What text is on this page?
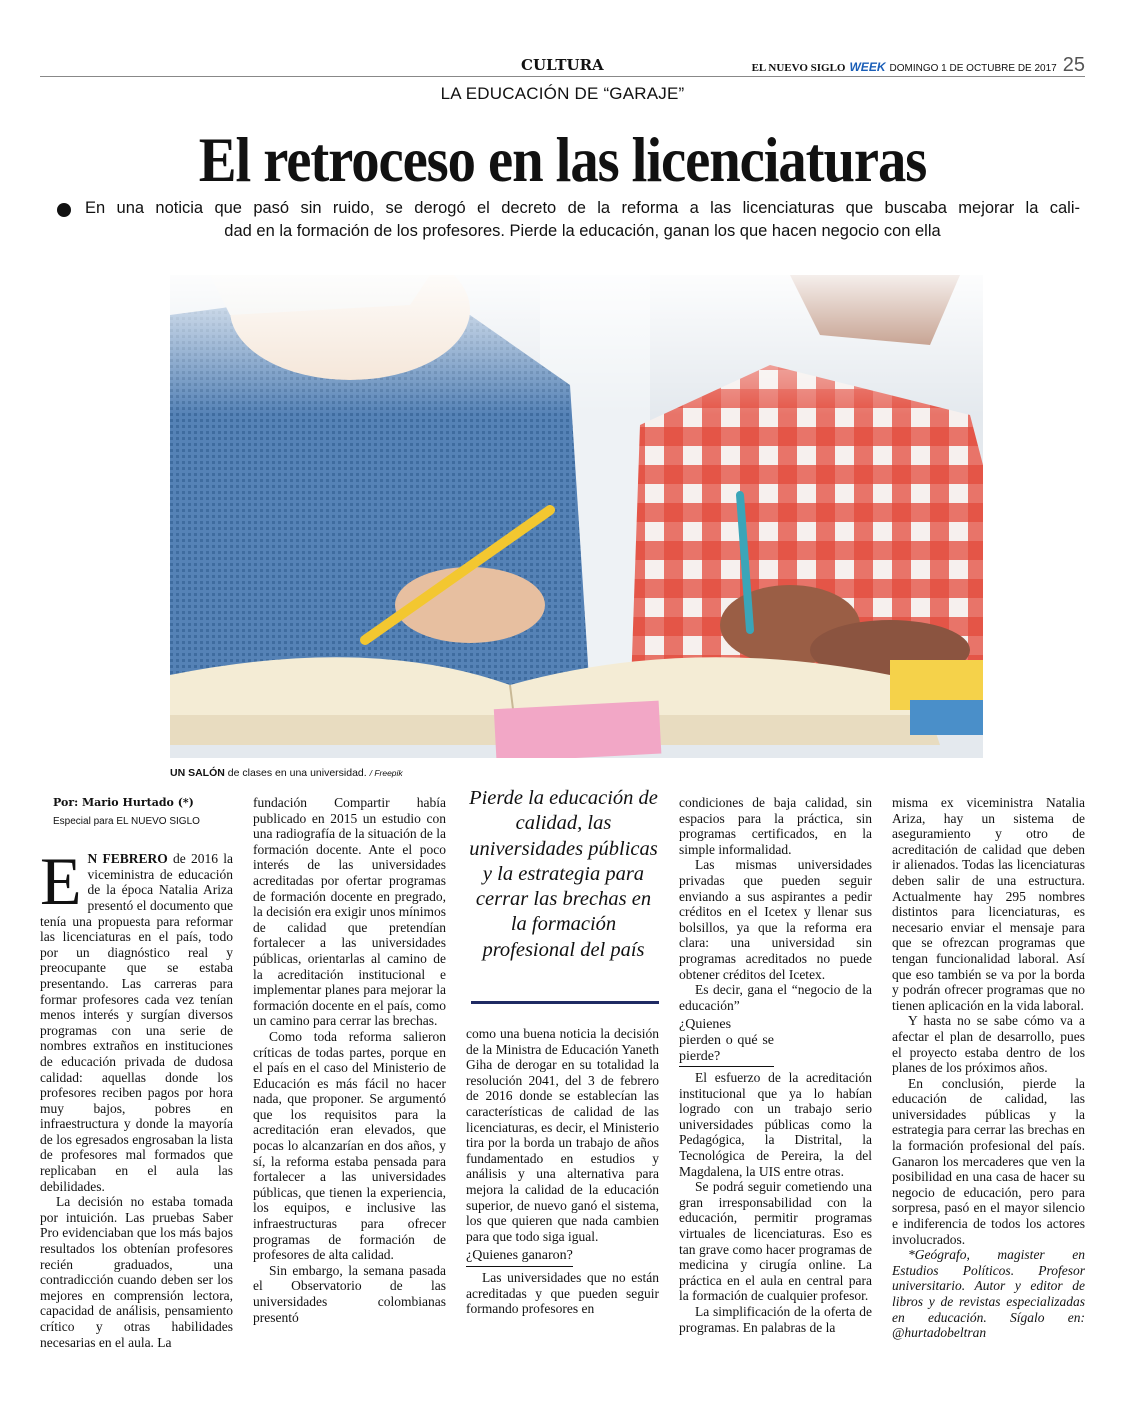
CULTURA	EL NUEVO SIGLO WEEK DOMINGO 1 DE OCTUBRE DE 2017 25
LA EDUCACIÓN DE “GARAJE”
El retroceso en las licenciaturas
En una noticia que pasó sin ruido, se derogó el decreto de la reforma a las licenciaturas que buscaba mejorar la cali-
dad en la formación de los profesores. Pierde la educación, ganan los que hacen negocio con ella
UN SALÓN de clases en una universidad. / Freepik
Por: Mario Hurtado (*)
Especial para EL NUEVO SIGLO

E N FEBRERO de 2016 la viceministra de educación de la época Natalia Ariza presentó el documento que tenía una propuesta para reformar las licenciaturas en el país, todo por un diagnóstico real y preocupante que se estaba presentando. Las carreras para formar profesores cada vez tenían menos interés y surgían diversos programas con una serie de nombres extraños en instituciones de educación privada de dudosa calidad: aquellas donde los profesores reciben pagos por hora muy bajos, pobres en infraestructura y donde la mayoría de los egresados engrosaban la lista de profesores mal formados que replicaban en el aula las debilidades.

La decisión no estaba tomada por intuición. Las pruebas Saber Pro evidenciaban que los más bajos resultados los obtenían profesores recién graduados, una contradicción cuando deben ser los mejores en comprensión lectora, capacidad de análisis, pensamiento crítico y otras habilidades necesarias en el aula. La

fundación Compartir había publicado en 2015 un estudio con una radiografía de la situación de la formación docente. Ante el poco interés de las universidades acreditadas por ofertar programas de formación docente en pregrado, la decisión era exigir unos mínimos de calidad que pretendían fortalecer a las universidades públicas, orientarlas al camino de la acreditación institucional e implementar planes para mejorar la formación docente en el país, como un camino para cerrar las brechas.

Como toda reforma salieron críticas de todas partes, porque en el país en el caso del Ministerio de Educación es más fácil no hacer nada, que proponer. Se argumentó que los requisitos para la acreditación eran elevados, que pocas lo alcanzarían en dos años, y sí, la reforma estaba pensada para fortalecer a las universidades públicas, que tienen la experiencia, los equipos, e inclusive las infraestructuras para ofrecer programas de formación de profesores de alta calidad.

Sin embargo, la semana pasada el Observatorio de las universidades colombianas presentó

Pierde la educación de calidad, las universidades públicas y la estrategia para cerrar las brechas en la formación profesional del país

como una buena noticia la decisión de la Ministra de Educación Yaneth Giha de derogar en su totalidad la resolución 2041, del 3 de febrero de 2016 donde se establecían las características de calidad de las licenciaturas, es decir, el Ministerio tira por la borda un trabajo de años fundamentado en estudios y análisis y una alternativa para mejora la calidad de la educación superior, de nuevo ganó el sistema, los que quieren que nada cambien para que todo siga igual.

¿Quienes ganaron?

Las universidades que no están acreditadas y que pueden seguir formando profesores en

condiciones de baja calidad, sin espacios para la práctica, sin programas certificados, en la simple informalidad.

Las mismas universidades privadas que pueden seguir enviando a sus aspirantes a pedir créditos en el Icetex y llenar sus bolsillos, ya que la reforma era clara: una universidad sin programas acreditados no puede obtener créditos del Icetex.

Es decir, gana el “negocio de la educación”

¿Quienes pierden o qué se pierde?

El esfuerzo de la acreditación institucional que ya lo habían logrado con un trabajo serio universidades públicas como la Pedagógica, la Distrital, la Tecnológica de Pereira, la del Magdalena, la UIS entre otras.

Se podrá seguir cometiendo una gran irresponsabilidad con la educación, permitir programas virtuales de licenciaturas. Eso es tan grave como hacer programas de medicina y cirugía online. La práctica en el aula en central para la formación de cualquier profesor.

La simplificación de la oferta de programas. En palabras de la

misma ex viceministra Natalia Ariza, hay un sistema de aseguramiento y otro de acreditación de calidad que deben ir alienados. Todas las licenciaturas deben salir de una estructura. Actualmente hay 295 nombres distintos para licenciaturas, es necesario enviar el mensaje para que se ofrezcan programas que tengan funcionalidad laboral. Así que eso también se va por la borda y podrán ofrecer programas que no tienen aplicación en la vida laboral.

Y hasta no se sabe cómo va a afectar el plan de desarrollo, pues el proyecto estaba dentro de los planes de los próximos años.

En conclusión, pierde la educación de calidad, las universidades públicas y la estrategia para cerrar las brechas en la formación profesional del país. Ganaron los mercaderes que ven la posibilidad en una casa de hacer su negocio de educación, pero para sorpresa, pasó en el mayor silencio e indiferencia de todos los actores involucrados.

*Geógrafo, magister en Estudios Políticos. Profesor universitario. Autor y editor de libros y de revistas especializadas en educación. Sígalo en: @hurtadobeltran
